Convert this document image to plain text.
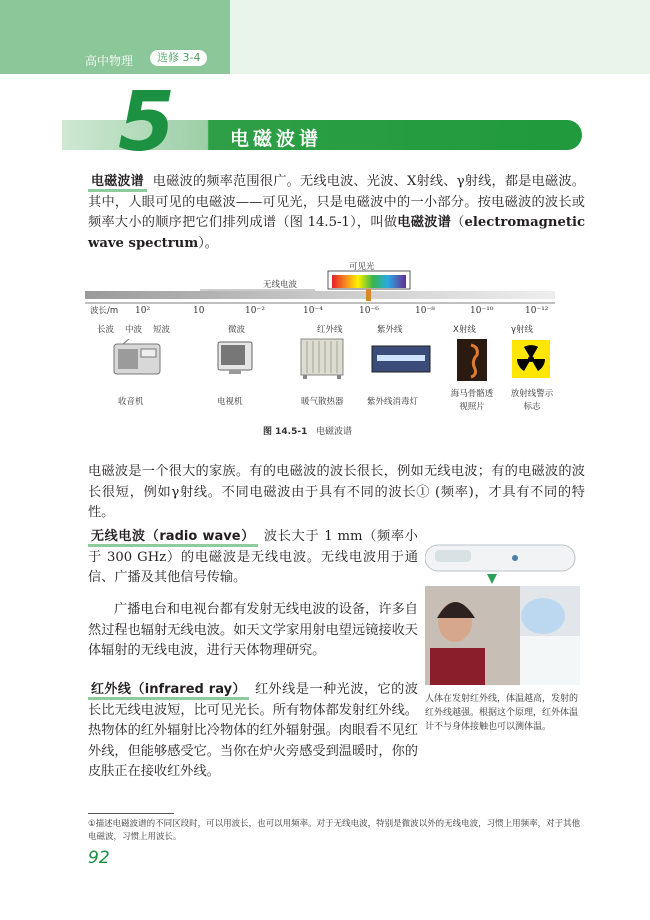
高中物理	选修 3-4
5	电磁波谱
电磁波谱 电磁波的频率范围很广。无线电波、光波、X射线、γ射线，都是电磁波。其中，人眼可见的电磁波——可见光，只是电磁波中的一小部分。按电磁波的波长或频率大小的顺序把它们排列成谱（图 14.5-1），叫做电磁波谱（electromagnetic wave spectrum）。
可见光
无线电波
波长/m 10²	10	10⁻²	10⁻⁴	10⁻⁶	10⁻⁸	10⁻¹⁰	10⁻¹²
长波 中波 短波	微波	红外线	紫外线	X射线	γ射线
收音机	电视机	暖气散热器	紫外线消毒灯
海马骨骼透视照片
放射线警示标志
图 14.5-1 电磁波谱
电磁波是一个很大的家族。有的电磁波的波长很长，例如无线电波；有的电磁波的波长很短，例如γ射线。不同电磁波由于具有不同的波长① (频率)，才具有不同的特性。
无线电波（radio wave） 波长大于 1 mm（频率小于 300 GHz）的电磁波是无线电波。无线电波用于通信、广播及其他信号传输。
广播电台和电视台都有发射无线电波的设备，许多自然过程也辐射无线电波。如天文学家用射电望远镜接收天体辐射的无线电波，进行天体物理研究。
红外线（infrared ray） 红外线是一种光波，它的波长比无线电波短，比可见光长。所有物体都发射红外线。热物体的红外辐射比冷物体的红外辐射强。肉眼看不见红外线，但能够感受它。当你在炉火旁感受到温暖时，你的皮肤正在接收红外线。
人体在发射红外线，体温越高，发射的红外线越强。根据这个原理，红外体温计不与身体接触也可以测体温。
①描述电磁波谱的不同区段时，可以用波长，也可以用频率。对于无线电波，特别是微波以外的无线电波，习惯上用频率，对于其他电磁波，习惯上用波长。
92
